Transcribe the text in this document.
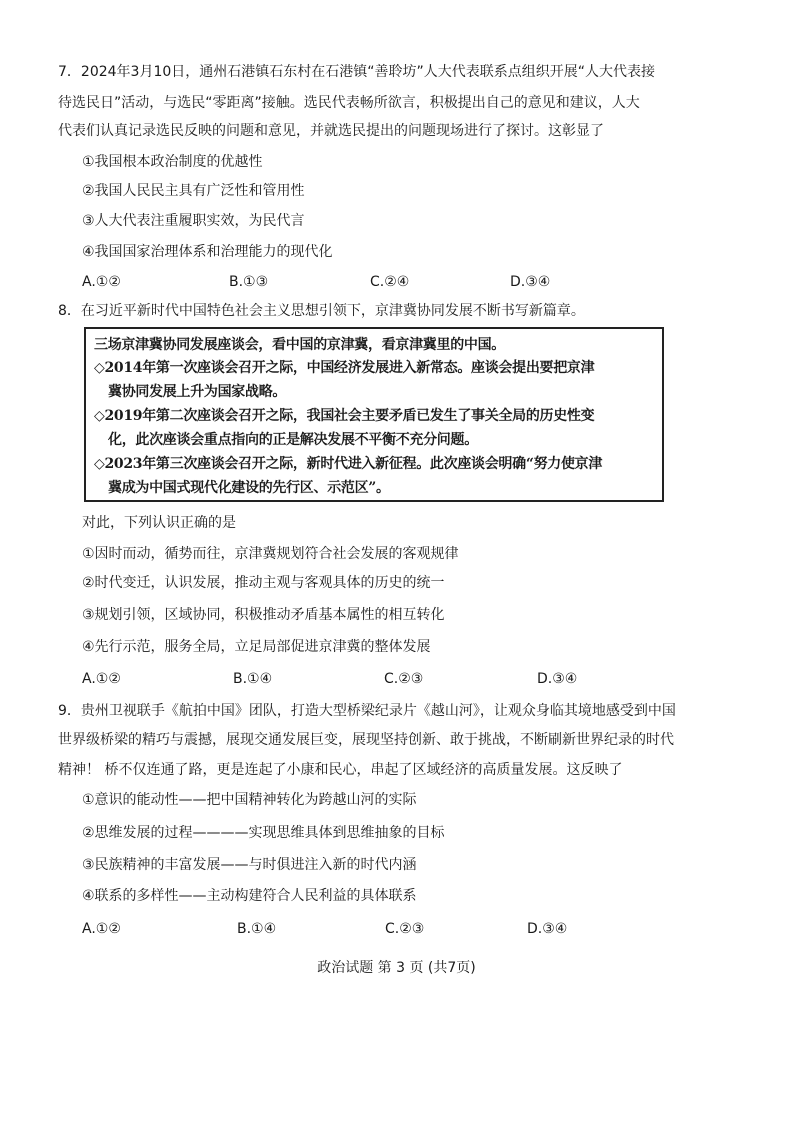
7．2024年3月10日，通州石港镇石东村在石港镇“善聆坊”人大代表联系点组织开展“人大代表接
待选民日”活动，与选民“零距离”接触。选民代表畅所欲言，积极提出自己的意见和建议，人大
代表们认真记录选民反映的问题和意见，并就选民提出的问题现场进行了探讨。这彰显了
①我国根本政治制度的优越性
②我国人民民主具有广泛性和管用性
③人大代表注重履职实效，为民代言
④我国国家治理体系和治理能力的现代化
A.①②	B.①③	C.②④	D.③④
8．在习近平新时代中国特色社会主义思想引领下，京津冀协同发展不断书写新篇章。
三场京津冀协同发展座谈会，看中国的京津冀，看京津冀里的中国。
◇2014年第一次座谈会召开之际，中国经济发展进入新常态。座谈会提出要把京津
冀协同发展上升为国家战略。
◇2019年第二次座谈会召开之际，我国社会主要矛盾已发生了事关全局的历史性变
化，此次座谈会重点指向的正是解决发展不平衡不充分问题。
◇2023年第三次座谈会召开之际，新时代进入新征程。此次座谈会明确“努力使京津
冀成为中国式现代化建设的先行区、示范区”。
对此，下列认识正确的是
①因时而动，循势而往，京津冀规划符合社会发展的客观规律
②时代变迁，认识发展，推动主观与客观具体的历史的统一
③规划引领，区域协同，积极推动矛盾基本属性的相互转化
④先行示范，服务全局，立足局部促进京津冀的整体发展
A.①②	B.①④	C.②③	D.③④
9．贵州卫视联手《航拍中国》团队，打造大型桥梁纪录片《越山河》，让观众身临其境地感受到中国
世界级桥梁的精巧与震撼，展现交通发展巨变，展现坚持创新、敢于挑战，不断刷新世界纪录的时代
精神！ 桥不仅连通了路，更是连起了小康和民心，串起了区域经济的高质量发展。这反映了
①意识的能动性——把中国精神转化为跨越山河的实际
②思维发展的过程————实现思维具体到思维抽象的目标
③民族精神的丰富发展——与时俱进注入新的时代内涵
④联系的多样性——主动构建符合人民利益的具体联系
A.①②	B.①④	C.②③	D.③④
政治试题 第 3 页 (共7页)
